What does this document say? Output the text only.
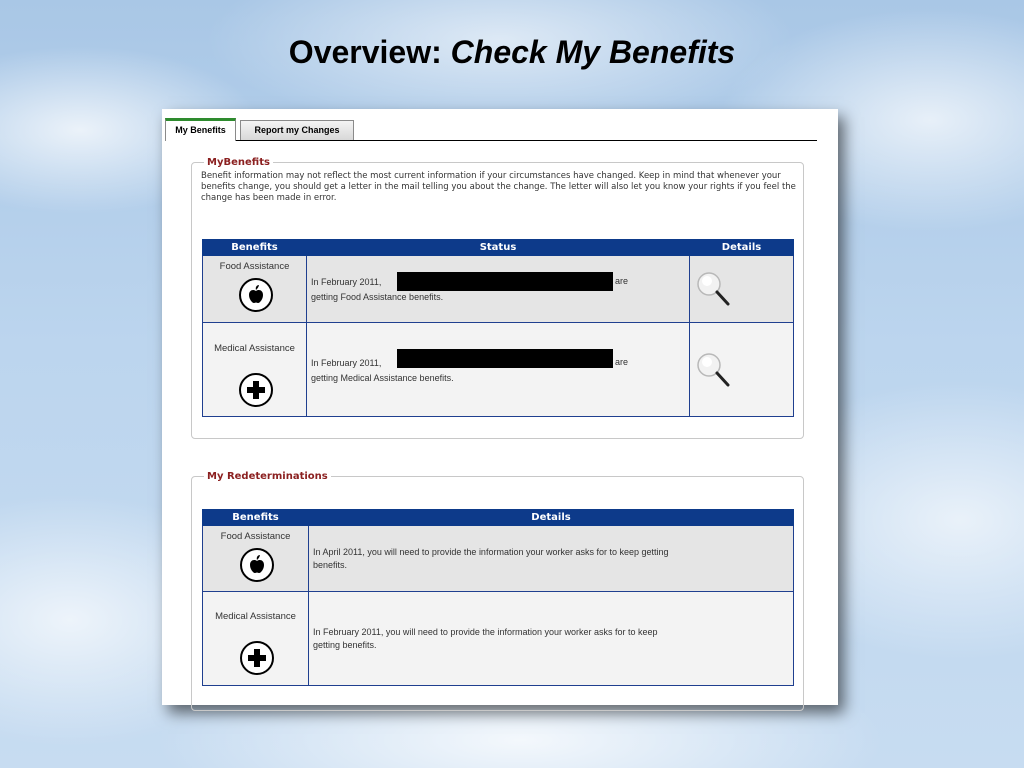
Overview: Check My Benefits
My Benefits	Report my Changes
MyBenefits
Benefit information may not reflect the most current information if your circumstances have changed. Keep in mind that whenever your benefits change, you should get a letter in the mail telling you about the change. The letter will also let you know your rights if you feel the change has been made in error.
Benefits	Status	Details

Food Assistance	In February 2011, are
getting Food Assistance benefits.

Medical Assistance	In February 2011, are
getting Medical Assistance benefits.

My Redeterminations
Benefits	Details

Food Assistance	In April 2011, you will need to provide the information your worker asks for to keep getting
benefits.

Medical Assistance	In February 2011, you will need to provide the information your worker asks for to keep
getting benefits.
